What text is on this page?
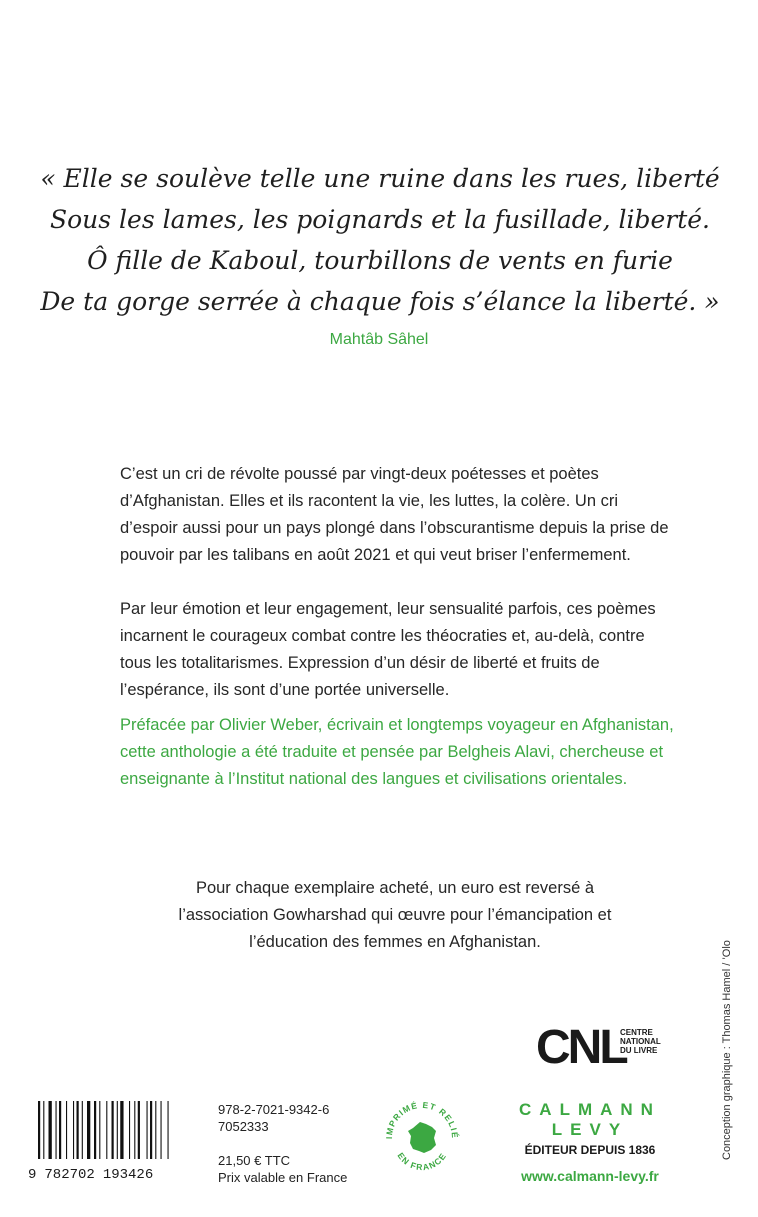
« Elle se soulève telle une ruine dans les rues, liberté
Sous les lames, les poignards et la fusillade, liberté.
Ô fille de Kaboul, tourbillons de vents en furie
De ta gorge serrée à chaque fois s’élance la liberté. »
Mahtâb Sâhel
C’est un cri de révolte poussé par vingt-deux poétesses et poètes d’Afghanistan. Elles et ils racontent la vie, les luttes, la colère. Un cri d’espoir aussi pour un pays plongé dans l’obscurantisme depuis la prise de pouvoir par les talibans en août 2021 et qui veut briser l’enfermement.
Par leur émotion et leur engagement, leur sensualité parfois, ces poèmes incarnent le courageux combat contre les théocraties et, au-delà, contre tous les totalitarismes. Expression d’un désir de liberté et fruits de l’espérance, ils sont d’une portée universelle.
Préfacée par Olivier Weber, écrivain et longtemps voyageur en Afghanistan, cette anthologie a été traduite et pensée par Belgheis Alavi, chercheuse et enseignante à l’Institut national des langues et civilisations orientales.
Pour chaque exemplaire acheté, un euro est reversé à l’association Gowharshad qui œuvre pour l’émancipation et l’éducation des femmes en Afghanistan.	Conception graphique : Thomas Hamel / ’Olo
CNL
CENTRE
NATIONAL
DU LIVRE
9 782702 193426
978-2-7021-9342-6
7052333
21,50 € TTC
Prix valable en France
IMPRIMÉ ET RELIÉ
EN FRANCE
CALMANN
LEVY
ÉDITEUR DEPUIS 1836
www.calmann-levy.fr
